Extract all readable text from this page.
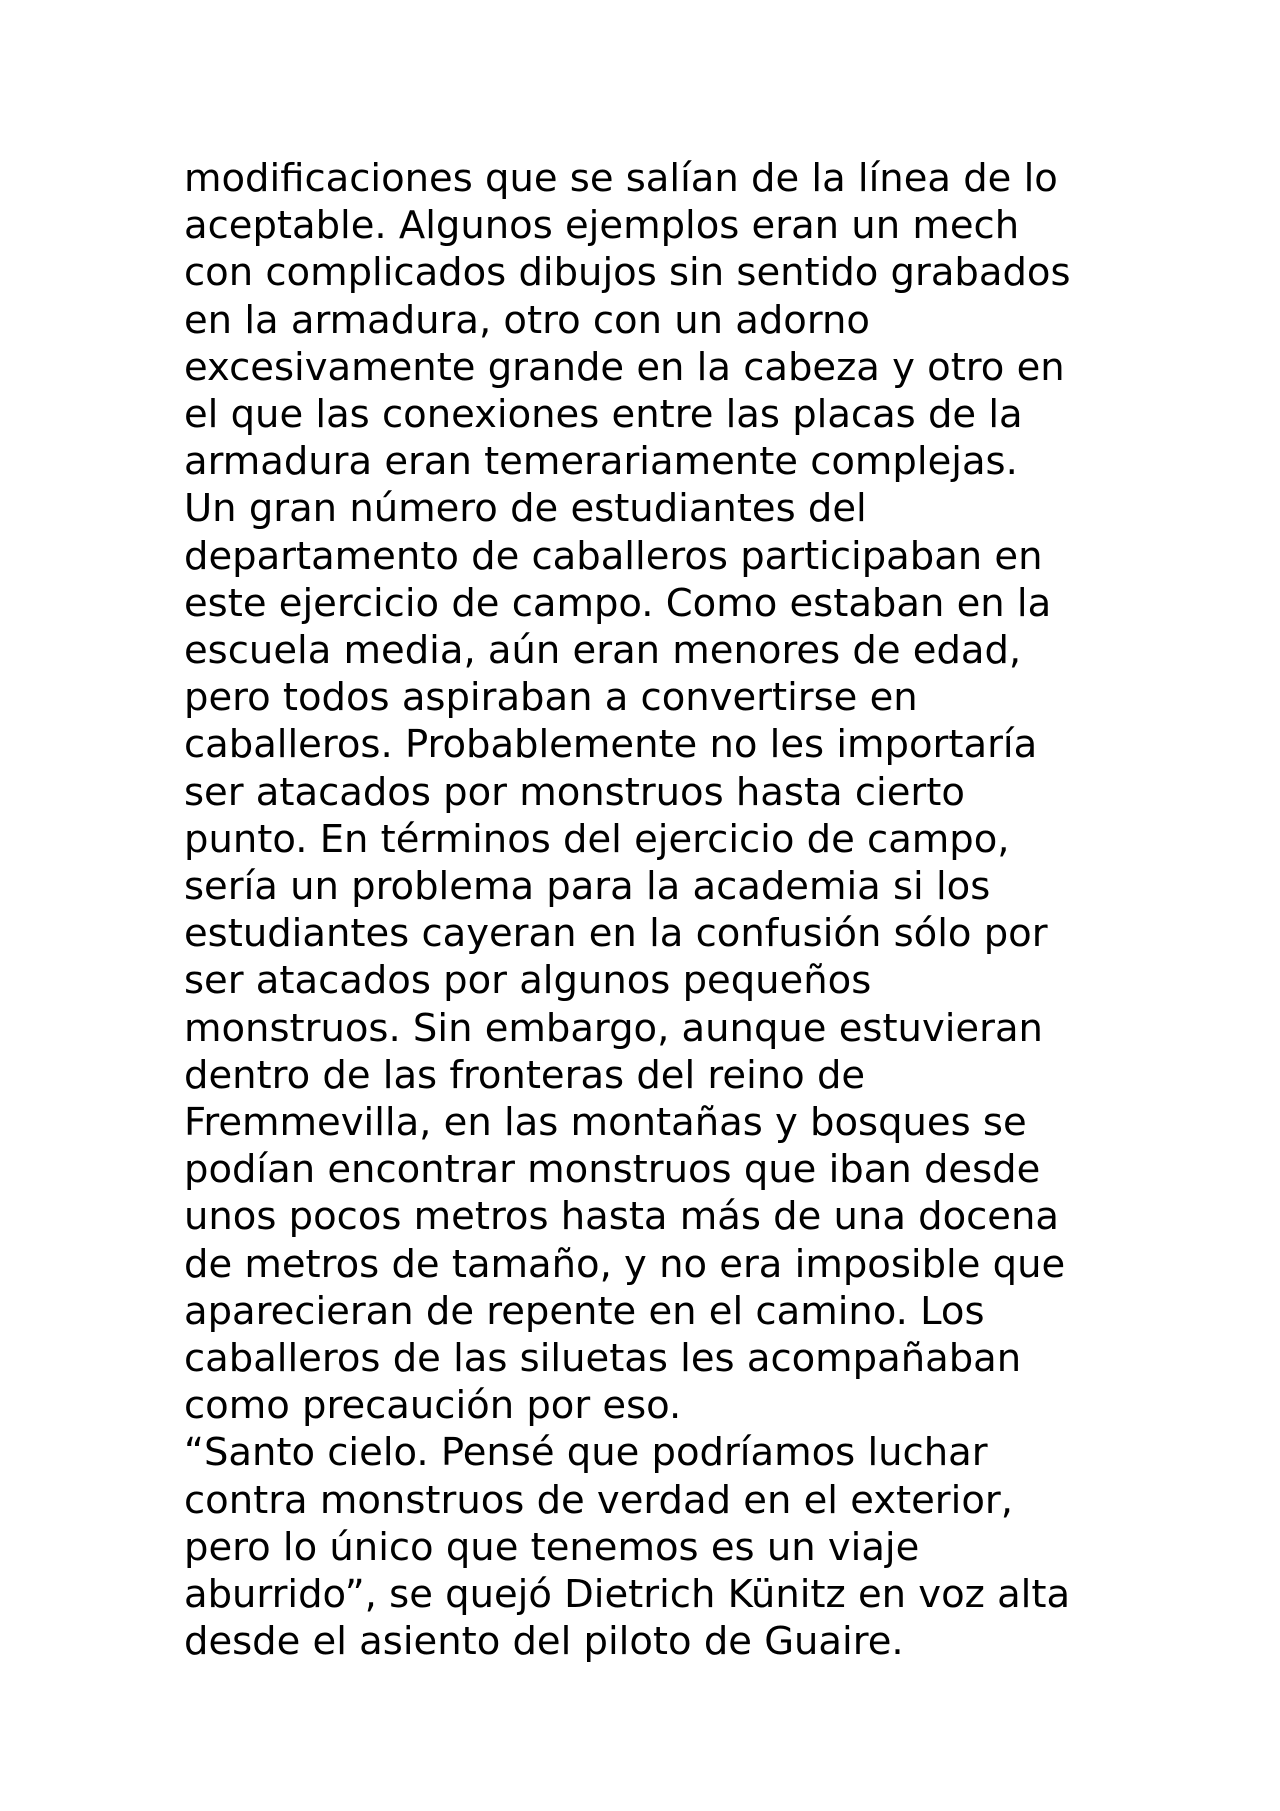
modificaciones que se salían de la línea de lo
aceptable. Algunos ejemplos eran un mech
con complicados dibujos sin sentido grabados
en la armadura, otro con un adorno
excesivamente grande en la cabeza y otro en
el que las conexiones entre las placas de la
armadura eran temerariamente complejas.
Un gran número de estudiantes del
departamento de caballeros participaban en
este ejercicio de campo. Como estaban en la
escuela media, aún eran menores de edad,
pero todos aspiraban a convertirse en
caballeros. Probablemente no les importaría
ser atacados por monstruos hasta cierto
punto. En términos del ejercicio de campo,
sería un problema para la academia si los
estudiantes cayeran en la confusión sólo por
ser atacados por algunos pequeños
monstruos. Sin embargo, aunque estuvieran
dentro de las fronteras del reino de
Fremmevilla, en las montañas y bosques se
podían encontrar monstruos que iban desde
unos pocos metros hasta más de una docena
de metros de tamaño, y no era imposible que
aparecieran de repente en el camino. Los
caballeros de las siluetas les acompañaban
como precaución por eso.
“Santo cielo. Pensé que podríamos luchar
contra monstruos de verdad en el exterior,
pero lo único que tenemos es un viaje
aburrido”, se quejó Dietrich Künitz en voz alta
desde el asiento del piloto de Guaire.
